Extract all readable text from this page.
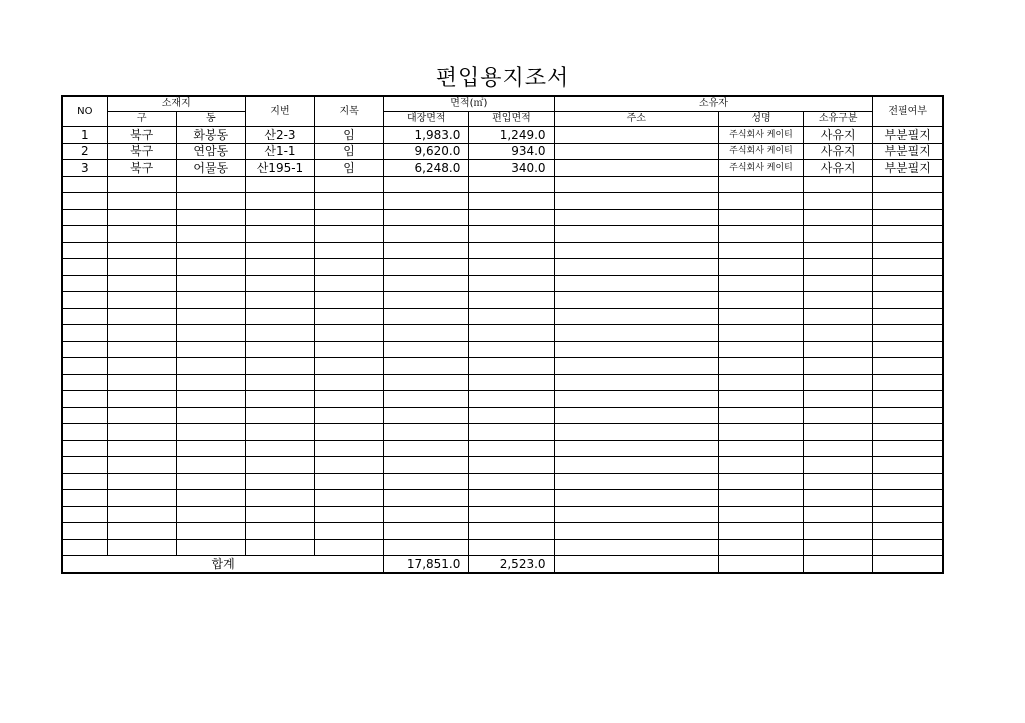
편입용지조서
NO	소재지		지번	지목	면적(㎡)		소유자			전필여부
	구	동			대장면적	편입면적	주소	성명	소유구분	
1	북구	화봉동	산2-3	임	1,983.0	1,249.0		주식회사 케이티	사유지	부분필지
2	북구	연암동	산1-1	임	9,620.0	934.0		주식회사 케이티	사유지	부분필지
3	북구	어물동	산195-1	임	6,248.0	340.0		주식회사 케이티	사유지	부분필지

합계					17,851.0	2,523.0				
